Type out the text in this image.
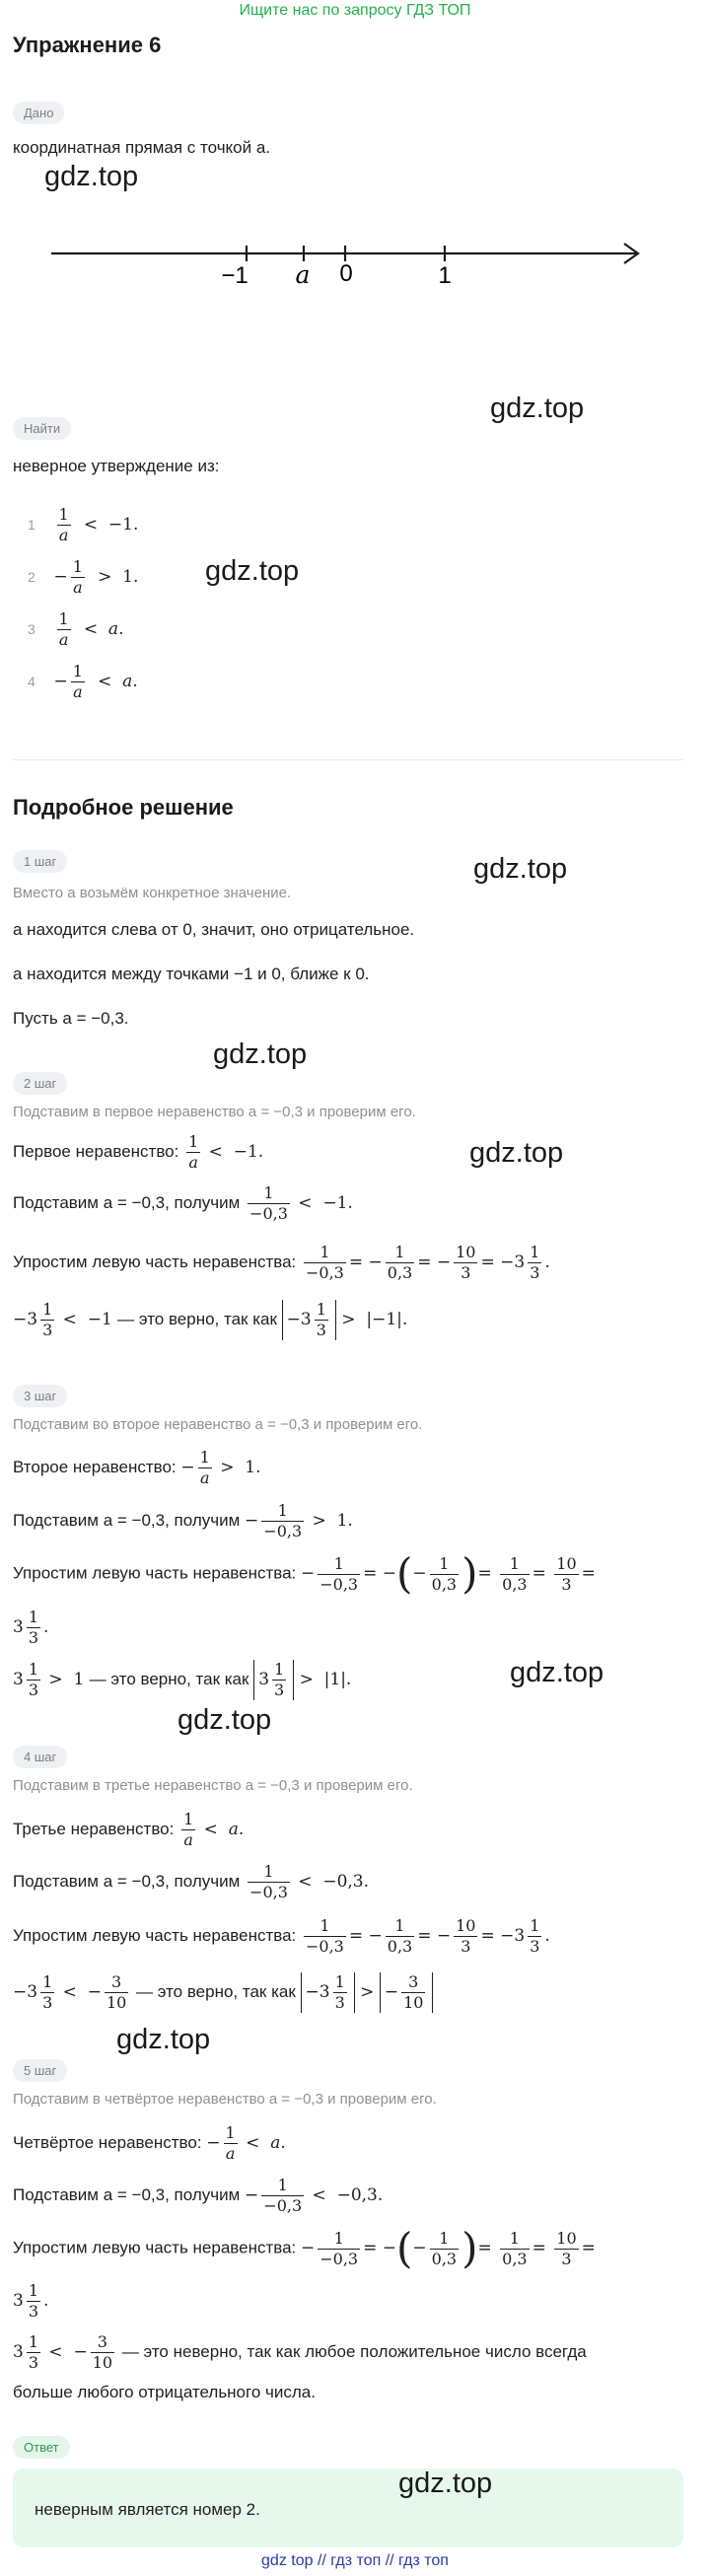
Ищите нас по запросу ГДЗ ТОП
Упражнение 6
Дано
координатная прямая с точкой a.
gdz.top
−1 a 0	1
gdz.top
Найти
неверное утверждение из:
$1 \frac{1}{a} < -1$.
$2 - \frac{1}{a} > 1$. gdz.top
$3 \frac{1}{a} < a$.
$4 - \frac{1}{a} < a$.
Подробное решение
1 шаг	gdz.top
Вместо a возьмём конкретное значение.
a находится слева от 0, значит, оно отрицательное.
a находится между точками −1 и 0, ближе к 0.
Пусть a = −0,3.
gdz.top
2 шаг
Подставим в первое неравенство a = −0,3 и проверим его.
Первое неравенство: $\frac{1}{a} < -1$.	gdz.top
Подставим a = −0,3, получим $\frac{1}{-0,3} < -1$.
Упростим левую часть неравенства: $\frac{1}{-0,3}$ = − $\frac{1}{0,3}$ = − $\frac{10}{3} = -3 \frac{1}{3}$ .
$-3 \frac{1}{3} < -1$ — это верно, так как $-3 \frac{1}{3} > |-1|$.
3 шаг
Подставим во второе неравенство a = −0,3 и проверим его.
Второе неравенство: − $\frac{1}{a} > 1$.
Подставим a = −0,3, получим − $\frac{1}{-0,3} > 1$.
Упростим левую часть неравенства: − $\frac{1}{-0,3}$ = −(− $\frac{1}{0,3}$ )= $\frac{1}{0,3} = \frac{10}{3}$ =
$3 \frac{1}{3}$ .
$3 \frac{1}{3} > 1$ — это верно, так как $3 \frac{1}{3} > |1|$.	gdz.top
gdz.top
4 шаг
Подставим в третье неравенство a = −0,3 и проверим его.
Третье неравенство: $\frac{1}{a} < a$.
Подставим a = −0,3, получим $\frac{1}{-0,3} < -0,3$.
Упростим левую часть неравенства: $\frac{1}{-0,3}$ = − $\frac{1}{0,3}$ = − $\frac{10}{3} = -3 \frac{1}{3}$ .
$-3 \frac{1}{3}$ <  − $\frac{3}{10}$ — это верно, так как $-3 \frac{1}{3}$ > − $\frac{3}{10}$
gdz.top
5 шаг
Подставим в четвёртое неравенство a = −0,3 и проверим его.
Четвёртое неравенство: − $\frac{1}{a} < a$.
Подставим a = −0,3, получим − $\frac{1}{-0,3} < -0,3$.
Упростим левую часть неравенства: − $\frac{1}{-0,3}$ = −(− $\frac{1}{0,3}$ )= $\frac{1}{0,3} = \frac{10}{3}$ =
$3 \frac{1}{3}$ .
$3 \frac{1}{3}$ <  − $\frac{3}{10}$ — это неверно, так как любое положительное число всегда
больше любого отрицательного числа.
Ответ
неверным является номер 2.
gdz.top
gdz top // гдз топ // гдз топ
